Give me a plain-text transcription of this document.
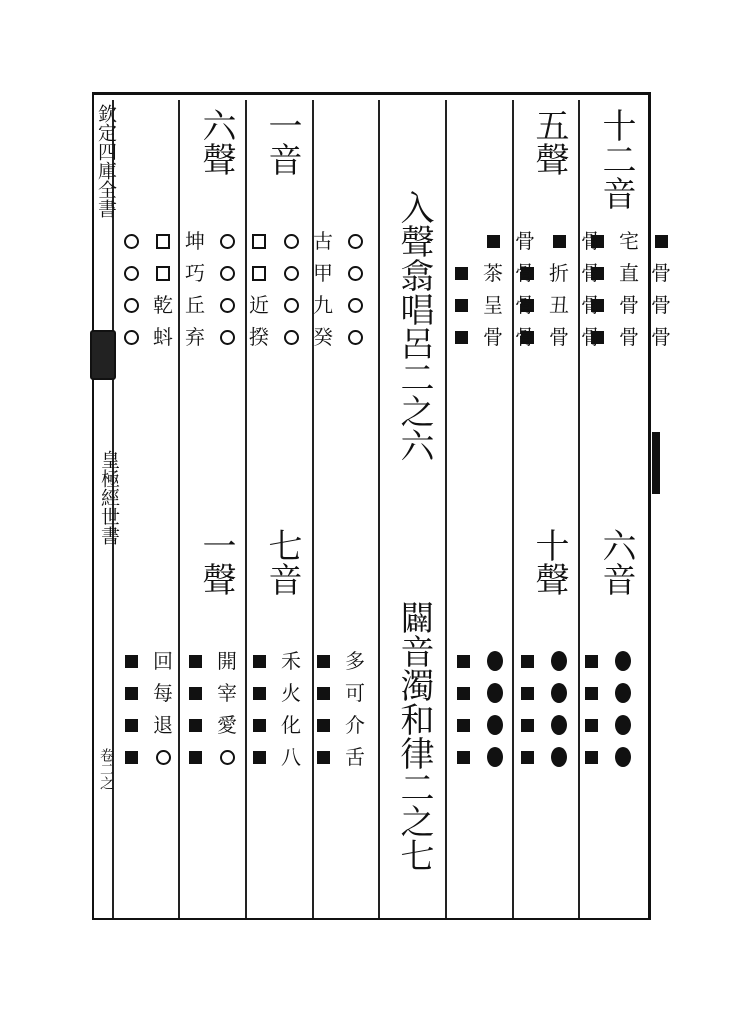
欽定四庫全書
皇極經世書
卷二之
入聲翕唱呂二之六
闢音濁和律二之七
十二音
六音
五聲
十聲
六聲
一聲
一音
七音
宅
骨
直
骨
骨
骨
骨
骨
骨
折
骨
丑
骨
骨
骨
骨
茶
骨
呈
骨
骨
古
坤
甲
巧
九
近
丘
乾
癸
揆
弃
蚪
多
禾
開
回
可
火
宰
每
介
化
愛
退
舌
八
